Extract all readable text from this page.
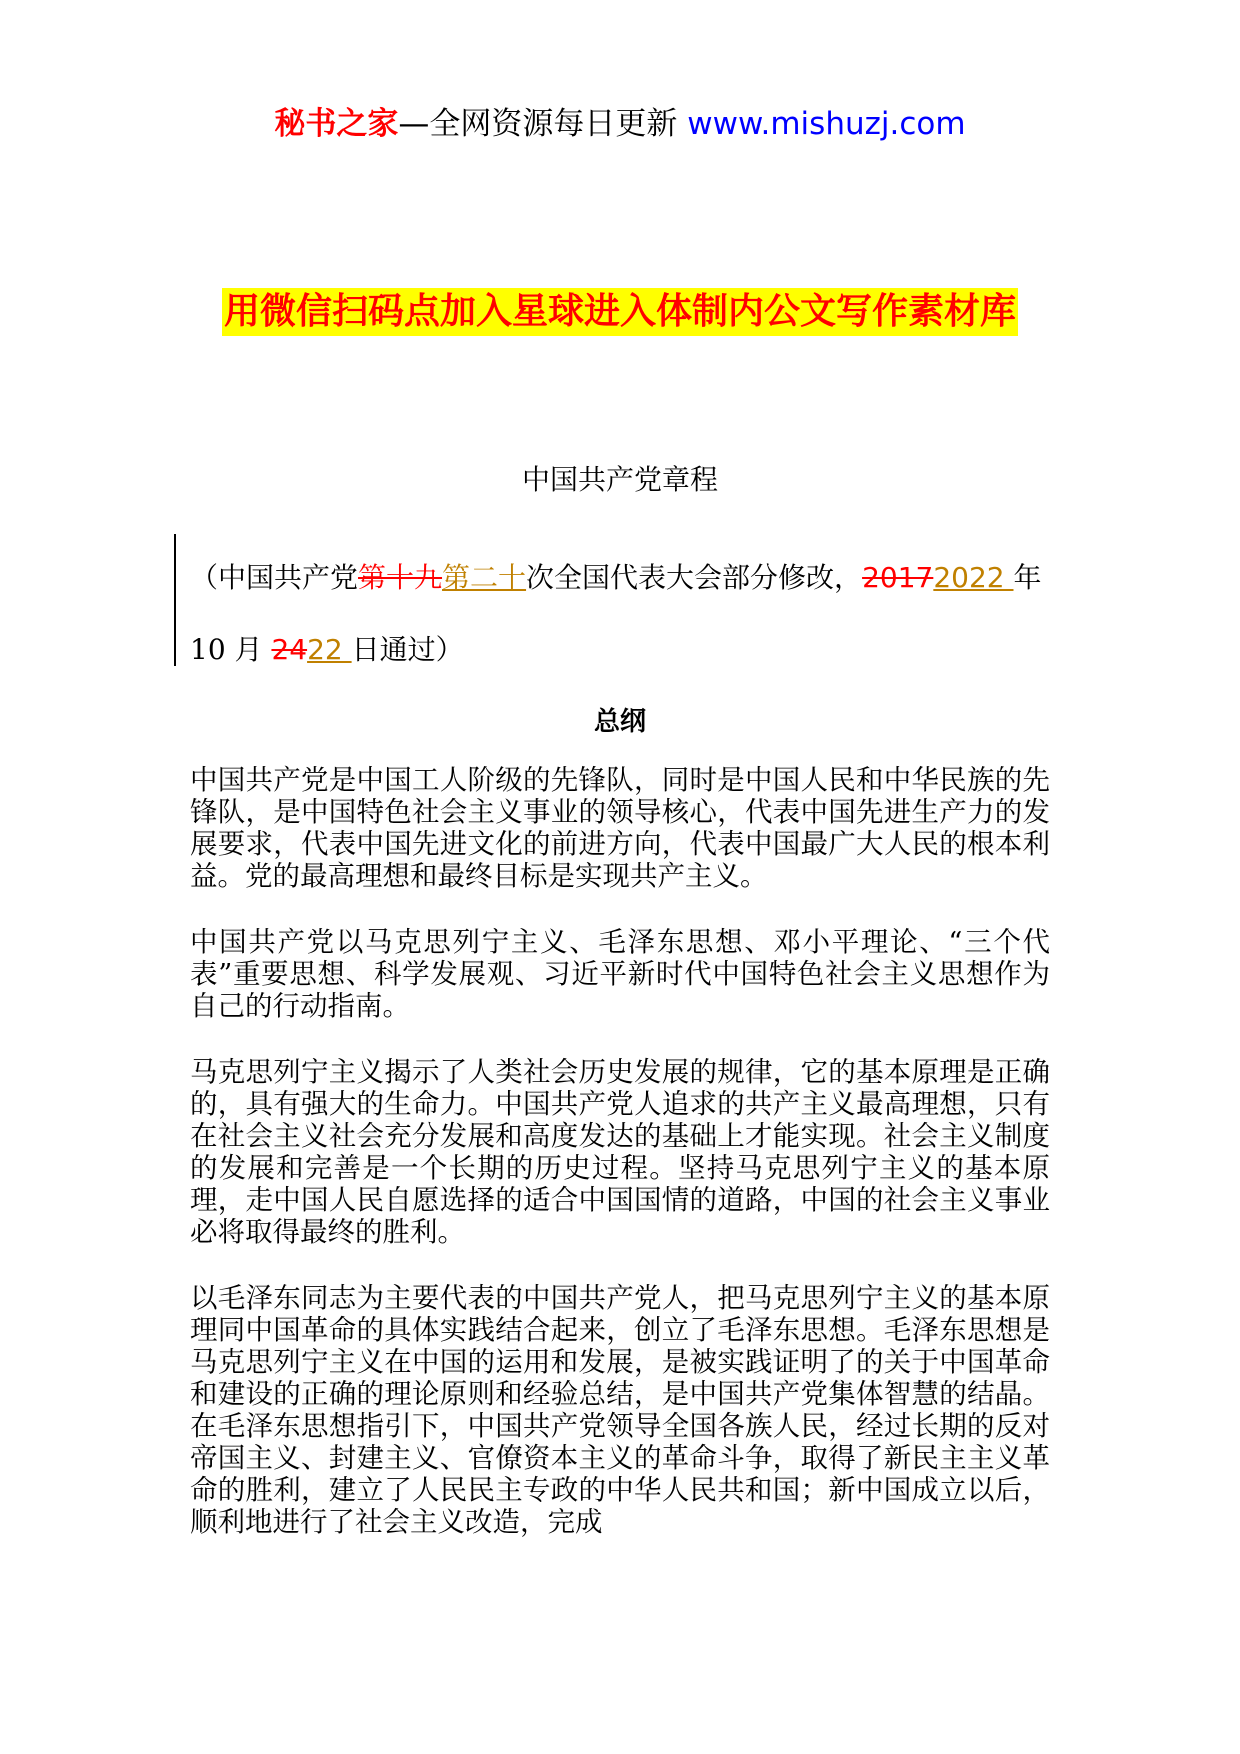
秘书之家—全网资源每日更新 www.mishuzj.com
用微信扫码点加入星球进入体制内公文写作素材库
中国共产党章程
（中国共产党第十九第二十次全国代表大会部分修改，20172022 年
10 月 2422 日通过）
总纲

中国共产党是中国工人阶级的先锋队，同时是中国人民和中华民族的先锋队，是中国特色社会主义事业的领导核心，代表中国先进生产力的发展要求，代表中国先进文化的前进方向，代表中国最广大人民的根本利益。党的最高理想和最终目标是实现共产主义。

中国共产党以马克思列宁主义、毛泽东思想、邓小平理论、“三个代表”重要思想、科学发展观、习近平新时代中国特色社会主义思想作为自己的行动指南。

马克思列宁主义揭示了人类社会历史发展的规律，它的基本原理是正确的，具有强大的生命力。中国共产党人追求的共产主义最高理想，只有在社会主义社会充分发展和高度发达的基础上才能实现。社会主义制度的发展和完善是一个长期的历史过程。坚持马克思列宁主义的基本原理，走中国人民自愿选择的适合中国国情的道路，中国的社会主义事业必将取得最终的胜利。

以毛泽东同志为主要代表的中国共产党人，把马克思列宁主义的基本原理同中国革命的具体实践结合起来，创立了毛泽东思想。毛泽东思想是马克思列宁主义在中国的运用和发展，是被实践证明了的关于中国革命和建设的正确的理论原则和经验总结，是中国共产党集体智慧的结晶。在毛泽东思想指引下，中国共产党领导全国各族人民，经过长期的反对帝国主义、封建主义、官僚资本主义的革命斗争，取得了新民主主义革命的胜利，建立了人民民主专政的中华人民共和国；新中国成立以后，顺利地进行了社会主义改造，完成
